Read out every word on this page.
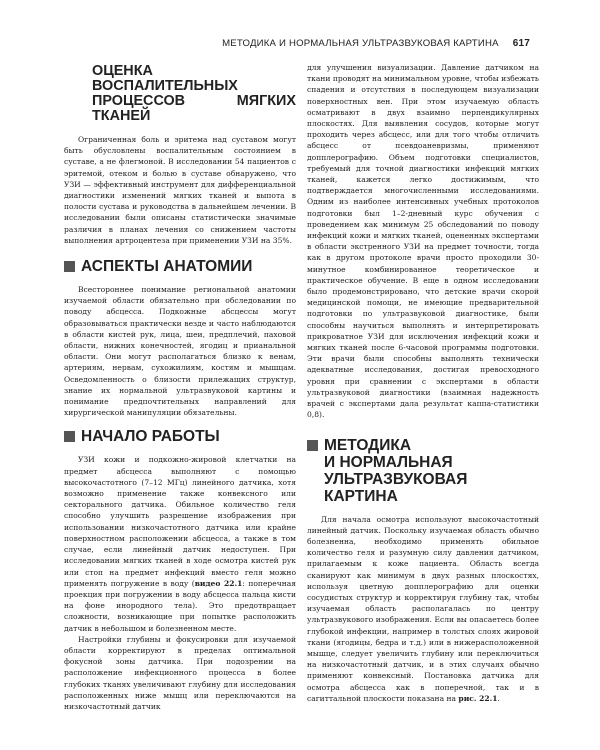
МЕТОДИКА И НОРМАЛЬНАЯ УЛЬТРАЗВУКОВАЯ КАРТИНА 617
ОЦЕНКА ВОСПАЛИТЕЛЬНЫХ
ПРОЦЕССОВ МЯГКИХ ТКАНЕЙ

Ограниченная боль и эритема над суставом могут быть обусловлены воспалительным состоянием в суставе, а не флегмоной. В исследовании 54 пациентов с эритемой, отеком и болью в суставе обнаружено, что УЗИ — эффективный инструмент для дифференциальной диагностики изменений мягких тканей и выпота в полости сустава и руководства в дальнейшем лечении. В исследовании были описаны статистически значимые различия в планах лечения со снижением частоты выполнения артроцентеза при применении УЗИ на 35%.

АСПЕКТЫ АНАТОМИИ

Всестороннее понимание региональной анатомии изучаемой области обязательно при обследовании по поводу абсцесса. Подкожные абсцессы могут образовываться практически везде и часто наблюдаются в области кистей рук, лица, шеи, предплечий, паховой области, нижних конечностей, ягодиц и прианальной области. Они могут располагаться близко к венам, артериям, нервам, сухожилиям, костям и мышцам. Осведомленность о близости прилежащих структур, знание их нормальной ультразвуковой картины и понимание предпочтительных направлений для хирургической манипуляции обязательны.

НАЧАЛО РАБОТЫ

УЗИ кожи и подкожно-жировой клетчатки на предмет абсцесса выполняют с помощью высокочастотного (7–12 МГц) линейного датчика, хотя возможно применение также конвексного или секторального датчика. Обильное количество геля способно улучшить разрешение изображения при использовании низкочастотного датчика или крайне поверхностном расположении абсцесса, а также в том случае, если линейный датчик недоступен. При исследовании мягких тканей в ходе осмотра кистей рук или стоп на предмет инфекций вместо геля можно применять погружение в воду (видео 22.1: поперечная проекция при погружении в воду абсцесса пальца кисти на фоне инородного тела). Это предотвращает сложности, возникающие при попытке расположить датчик в небольшом и болезненном месте.

Настройки глубины и фокусировки для изучаемой области корректируют в пределах оптимальной фокусной зоны датчика. При подозрении на расположение инфекционного процесса в более глубоких тканях увеличивают глубину для исследования расположенных ниже мышц или переключаются на низкочастотный датчик

для улучшения визуализации. Давление датчиком на ткани проводят на минимальном уровне, чтобы избежать спадения и отсутствия в последующем визуализации поверхностных вен. При этом изучаемую область осматривают в двух взаимно перпендикулярных плоскостях. Для выявления сосудов, которые могут проходить через абсцесс, или для того чтобы отличить абсцесс от псевдоаневризмы, применяют допплерографию. Объем подготовки специалистов, требуемый для точной диагностики инфекций мягких тканей, кажется легко достижимым, что подтверждается многочисленными исследованиями. Одним из наиболее интенсивных учебных протоколов подготовки был 1–2-дневный курс обучения с проведением как минимум 25 обследований по поводу инфекций кожи и мягких тканей, оцененных экспертами в области экстренного УЗИ на предмет точности, тогда как в другом протоколе врачи просто проходили 30-минутное комбинированное теоретическое и практическое обучение. В еще в одном исследовании было продемонстрировано, что детские врачи скорой медицинской помощи, не имеющие предварительной подготовки по ультразвуковой диагностике, были способны научиться выполнять и интерпретировать прикроватное УЗИ для исключения инфекций кожи и мягких тканей после 6-часовой программы подготовки. Эти врачи были способны выполнять технически адекватные исследования, достигая превосходного уровня при сравнении с экспертами в области ультразвуковой диагностики (взаимная надежность врачей с экспертами дала результат каппа-статистики 0,8).

МЕТОДИКА
И НОРМАЛЬНАЯ
УЛЬТРАЗВУКОВАЯ
КАРТИНА

Для начала осмотра используют высокочастотный линейный датчик. Поскольку изучаемая область обычно болезненна, необходимо применять обильное количество геля и разумную силу давления датчиком, прилагаемым к коже пациента. Область всегда сканируют как минимум в двух разных плоскостях, используя цветную допплерографию для оценки сосудистых структур и корректируя глубину так, чтобы изучаемая область располагалась по центру ультразвукового изображения. Если вы опасаетесь более глубокой инфекции, например в толстых слоях жировой ткани (ягодицы, бедра и т.д.) или в нижерасположенной мышце, следует увеличить глубину или переключиться на низкочастотный датчик, и в этих случаях обычно применяют конвексный. Постановка датчика для осмотра абсцесса как в поперечной, так и в сагиттальной плоскости показана на рис. 22.1.
